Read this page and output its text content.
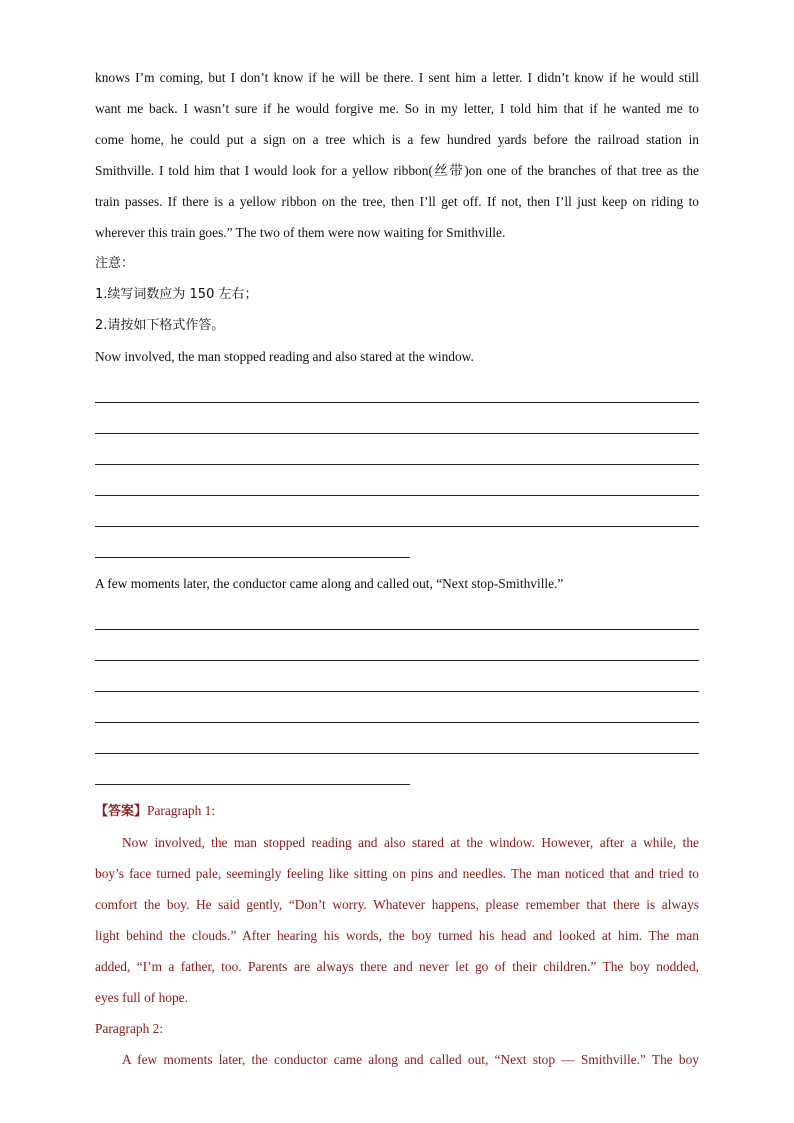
knows I’m coming, but I don’t know if he will be there. I sent him a letter. I didn’t know if he would still

want me back. I wasn’t sure if he would forgive me. So in my letter, I told him that if he wanted me to

come home, he could put a sign on a tree which is a few hundred yards before the railroad station in

Smithville. I told him that I would look for a yellow ribbon(丝带)on one of the branches of that tree as the

train passes. If there is a yellow ribbon on the tree, then I’ll get off. If not, then I’ll just keep on riding to

wherever this train goes.” The two of them were now waiting for Smithville.

注意：

1.续写词数应为 150 左右；

2.请按如下格式作答。

Now involved, the man stopped reading and also stared at the window.

A few moments later, the conductor came along and called out, “Next stop-Smithville.”

【答案】Paragraph 1:

Now involved, the man stopped reading and also stared at the window. However, after a while, the

boy’s face turned pale, seemingly feeling like sitting on pins and needles. The man noticed that and tried to

comfort the boy. He said gently, “Don’t worry. Whatever happens, please remember that there is always

light behind the clouds.” After hearing his words, the boy turned his head and looked at him. The man

added, “I’m a father, too. Parents are always there and never let go of their children.” The boy nodded,

eyes full of hope.

Paragraph 2:

A few moments later, the conductor came along and called out, “Next stop — Smithville.” The boy
